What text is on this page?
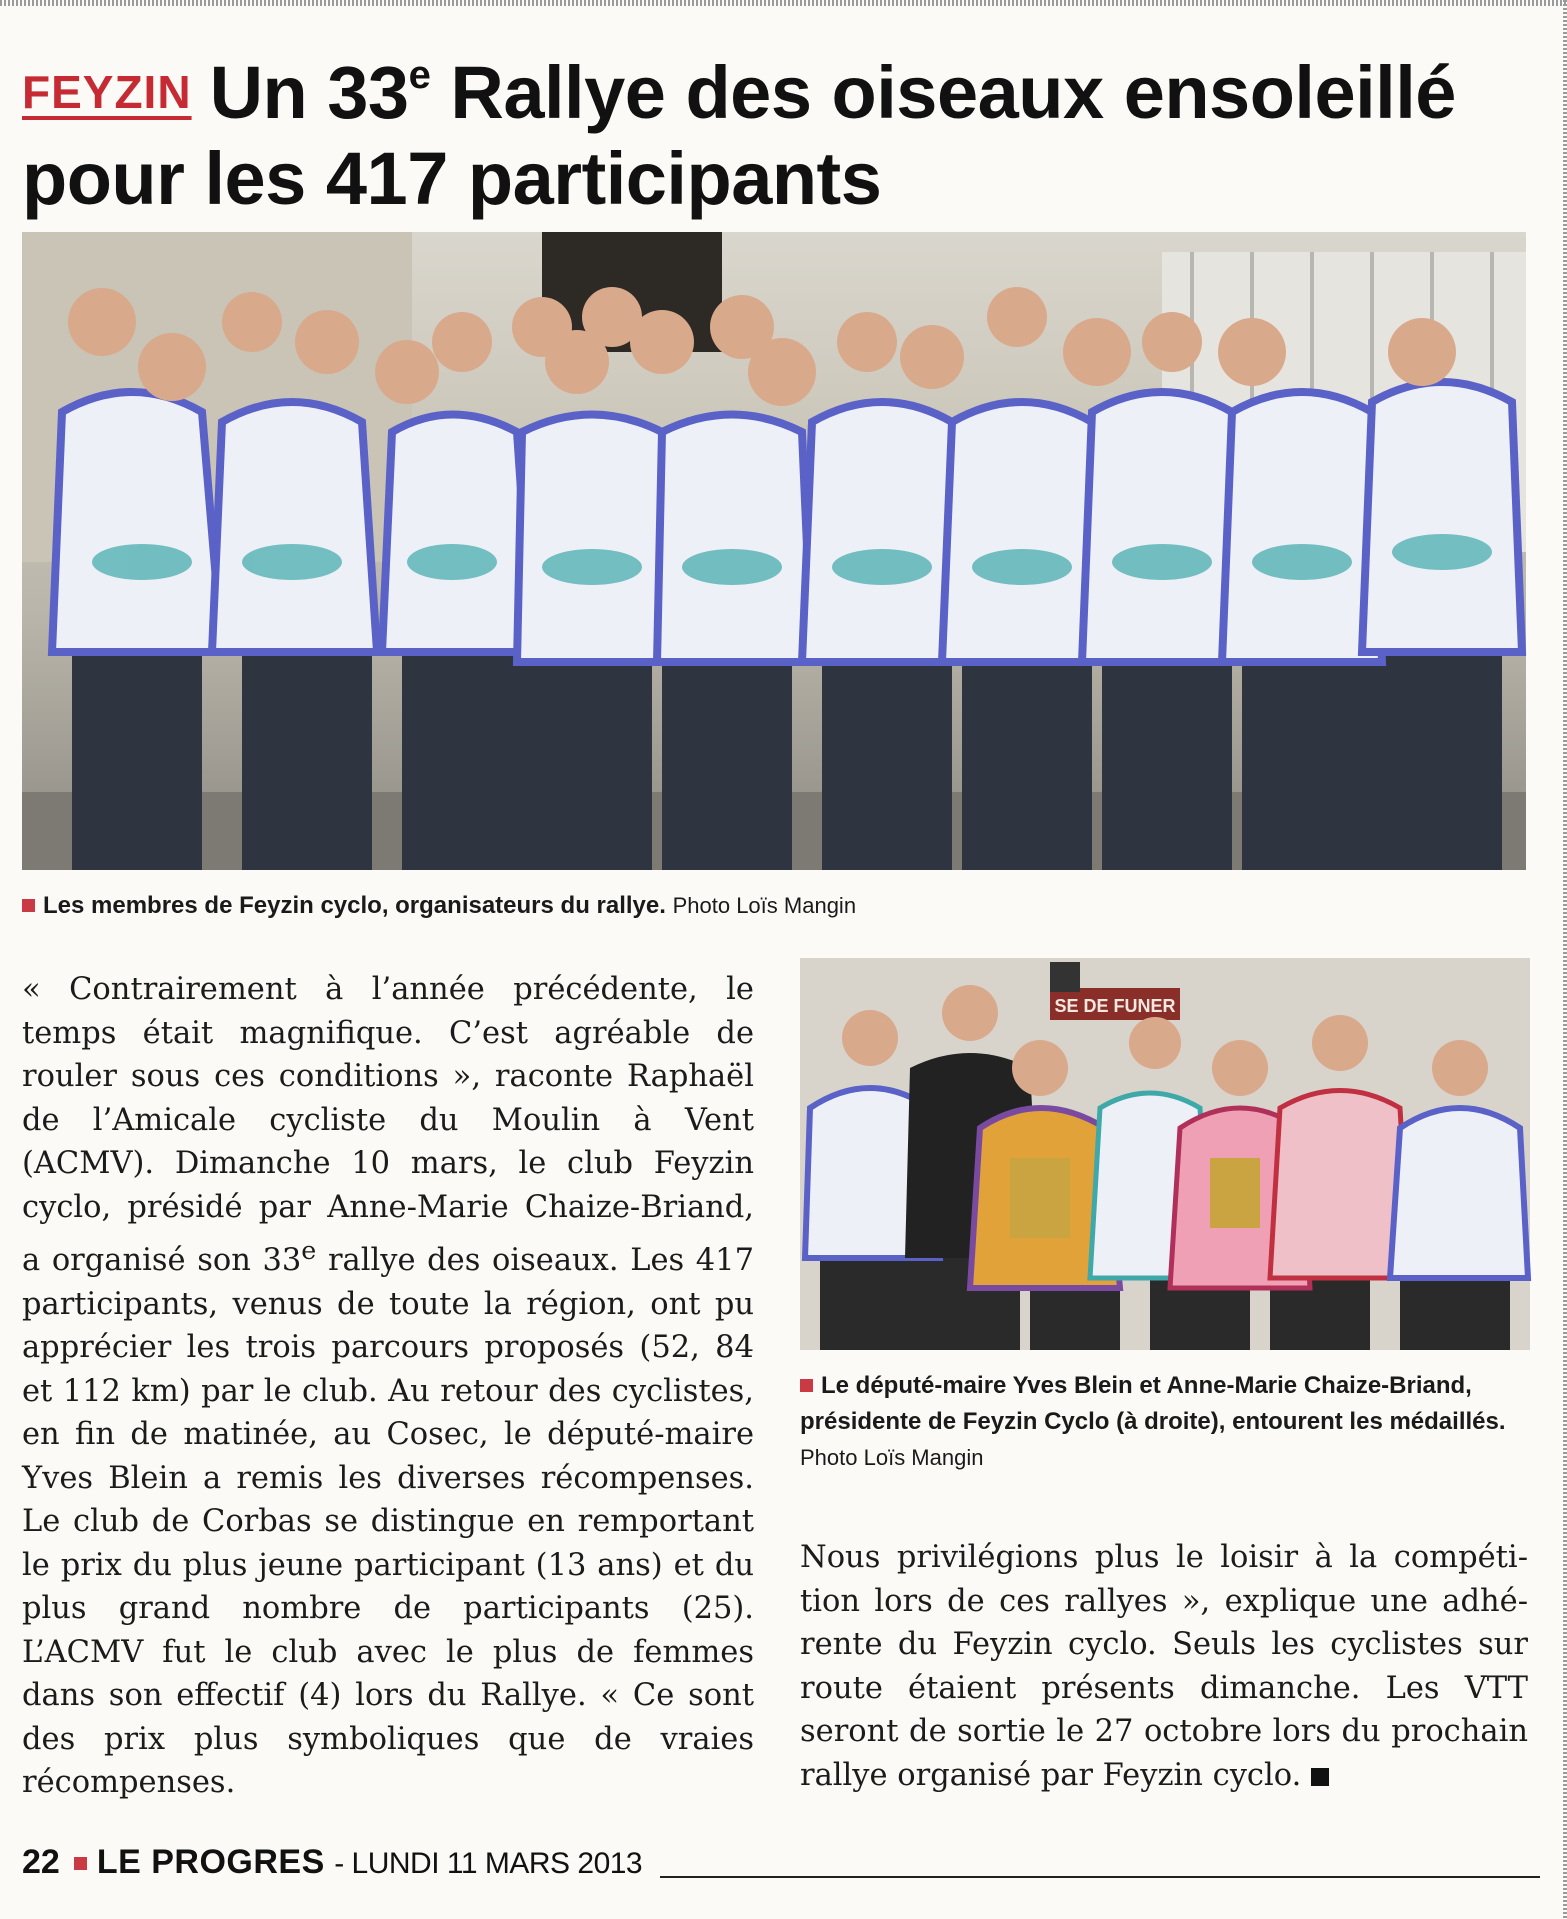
FEYZIN Un 33e Rallye des oiseaux ensoleillé pour les 417 participants

Les membres de Feyzin cyclo, organisateurs du rallye. Photo Loïs Mangin

« Contrairement à l’année précédente, le temps était magnifique. C’est agréable de rouler sous ces conditions », raconte Raphaël de l’Amicale cycliste du Moulin à Vent (ACMV). Dimanche 10 mars, le club Feyzin cyclo, présidé par Anne-Marie Chaize-Briand, a organisé son 33e rallye des oiseaux. Les 417 participants, venus de toute la région, ont pu apprécier les trois parcours proposés (52, 84 et 112 km) par le club. Au retour des cyclistes, en fin de matinée, au Cosec, le député-maire Yves Blein a remis les diverses récompenses. Le club de Corbas se distingue en remportant le prix du plus jeune participant (13 ans) et du plus grand nombre de participants (25). L’ACMV fut le club avec le plus de femmes dans son effectif (4) lors du Rallye. « Ce sont des prix plus symboliques que de vraies récompenses.

SE DE FUNER

Le député-maire Yves Blein et Anne-Marie Chaize-Briand, présidente de Feyzin Cyclo (à droite), entourent les médaillés. Photo Loïs Mangin

Nous privilégions plus le loisir à la compétition lors de ces rallyes », explique une adhérente du Feyzin cyclo. Seuls les cyclistes sur route étaient présents dimanche. Les VTT seront de sortie le 27 octobre lors du prochain rallye organisé par Feyzin cyclo.

22 LE PROGRES - LUNDI 11 MARS 2013
